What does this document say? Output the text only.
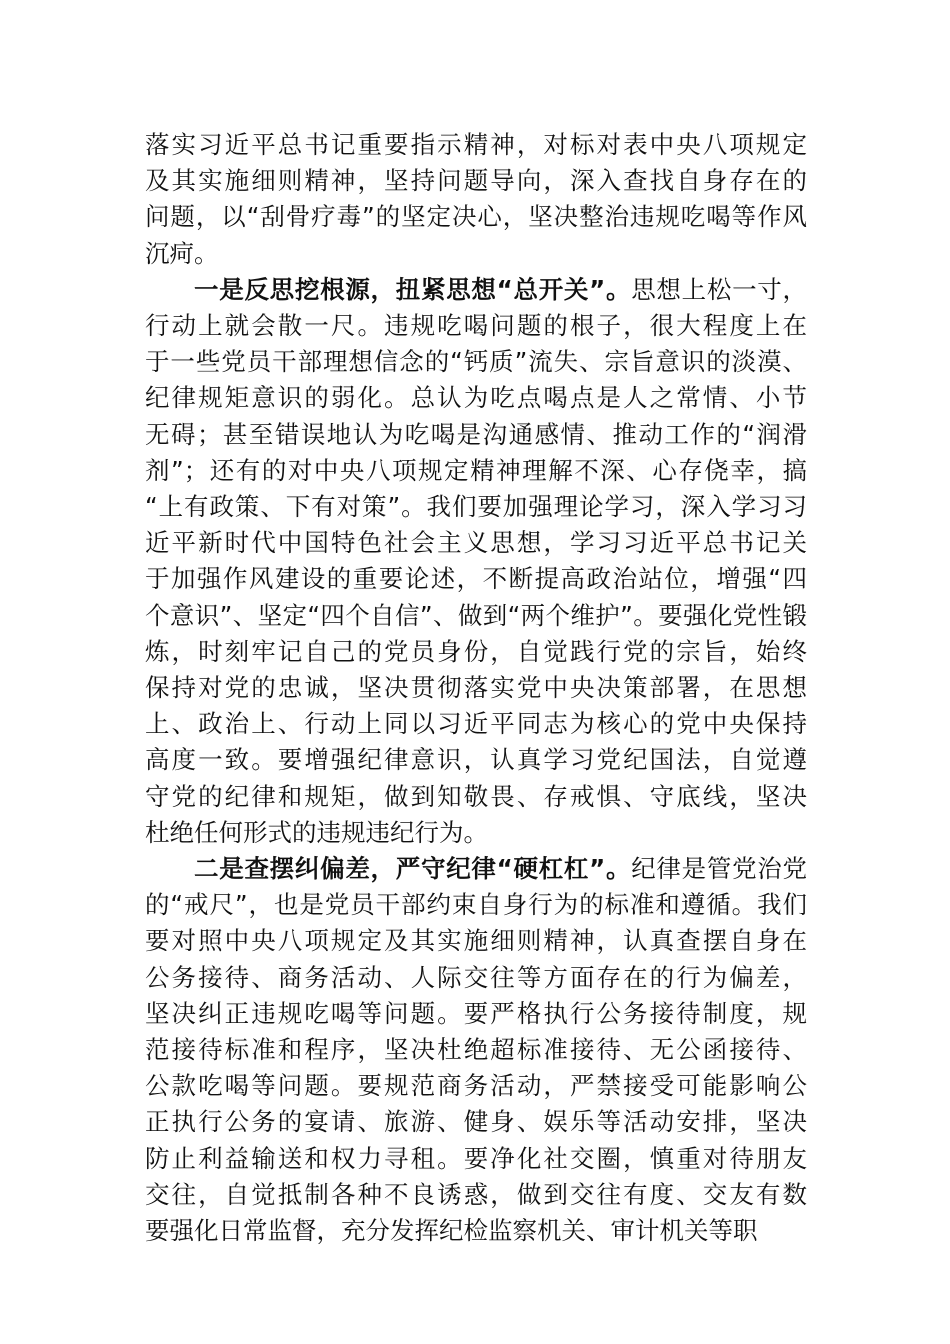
落实习近平总书记重要指示精神，对标对表中央八项规定
及其实施细则精神，坚持问题导向，深入查找自身存在的
问题，以“刮骨疗毒”的坚定决心，坚决整治违规吃喝等作风
沉疴。
一是反思挖根源，扭紧思想“总开关”。思想上松一寸，
行动上就会散一尺。违规吃喝问题的根子，很大程度上在
于一些党员干部理想信念的“钙质”流失、宗旨意识的淡漠、
纪律规矩意识的弱化。总认为吃点喝点是人之常情、小节
无碍；甚至错误地认为吃喝是沟通感情、推动工作的“润滑
剂”；还有的对中央八项规定精神理解不深、心存侥幸，搞
“上有政策、下有对策”。我们要加强理论学习，深入学习习
近平新时代中国特色社会主义思想，学习习近平总书记关
于加强作风建设的重要论述，不断提高政治站位，增强“四
个意识”、坚定“四个自信”、做到“两个维护”。要强化党性锻
炼，时刻牢记自己的党员身份，自觉践行党的宗旨，始终
保持对党的忠诚，坚决贯彻落实党中央决策部署，在思想
上、政治上、行动上同以习近平同志为核心的党中央保持
高度一致。要增强纪律意识，认真学习党纪国法，自觉遵
守党的纪律和规矩，做到知敬畏、存戒惧、守底线，坚决
杜绝任何形式的违规违纪行为。
二是查摆纠偏差，严守纪律“硬杠杠”。纪律是管党治党
的“戒尺”，也是党员干部约束自身行为的标准和遵循。我们
要对照中央八项规定及其实施细则精神，认真查摆自身在
公务接待、商务活动、人际交往等方面存在的行为偏差，
坚决纠正违规吃喝等问题。要严格执行公务接待制度，规
范接待标准和程序，坚决杜绝超标准接待、无公函接待、
公款吃喝等问题。要规范商务活动，严禁接受可能影响公
正执行公务的宴请、旅游、健身、娱乐等活动安排，坚决
防止利益输送和权力寻租。要净化社交圈，慎重对待朋友
交往，自觉抵制各种不良诱惑，做到交往有度、交友有数
要强化日常监督，充分发挥纪检监察机关、审计机关等职
